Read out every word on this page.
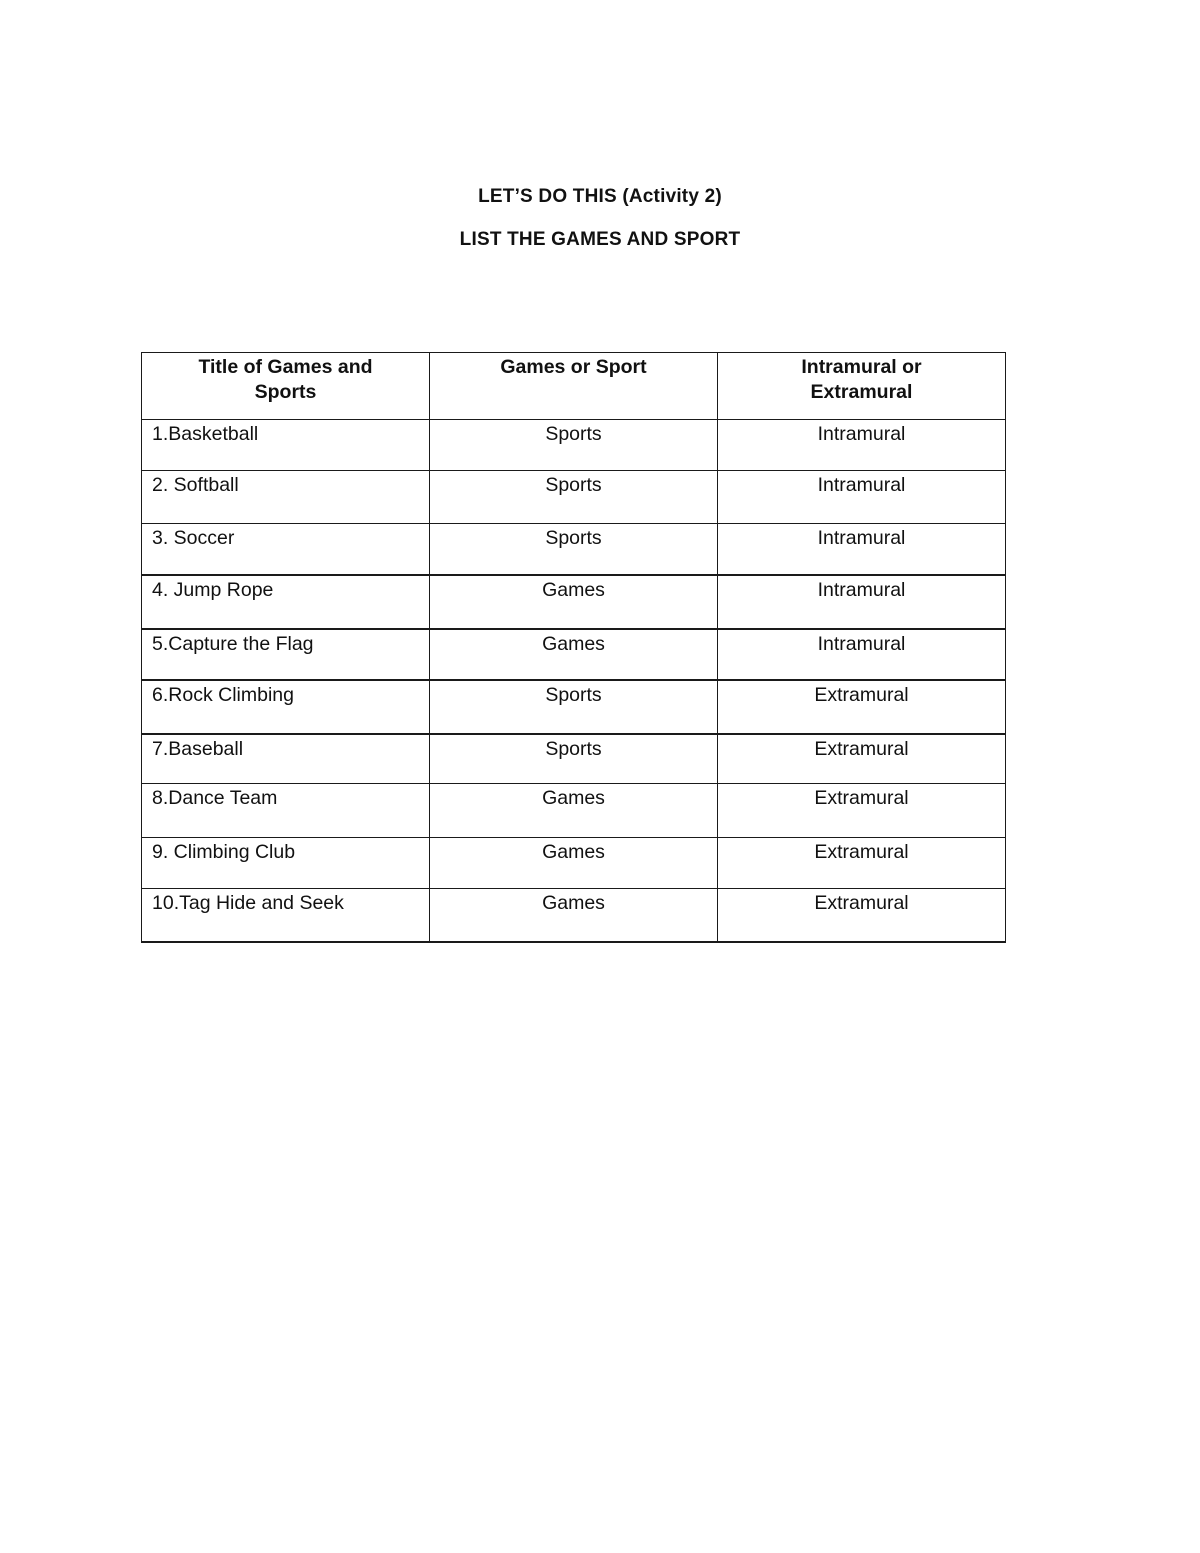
LET’S DO THIS (Activity 2)
LIST THE GAMES AND SPORT
Title of Games and Sports	Games or Sport	Intramural or Extramural

1.Basketball	Sports	Intramural
2. Softball	Sports	Intramural
3. Soccer	Sports	Intramural
4. Jump Rope	Games	Intramural
5.Capture the Flag	Games	Intramural
6.Rock Climbing	Sports	Extramural
7.Baseball	Sports	Extramural
8.Dance Team	Games	Extramural
9. Climbing Club	Games	Extramural
10.Tag Hide and Seek	Games	Extramural
